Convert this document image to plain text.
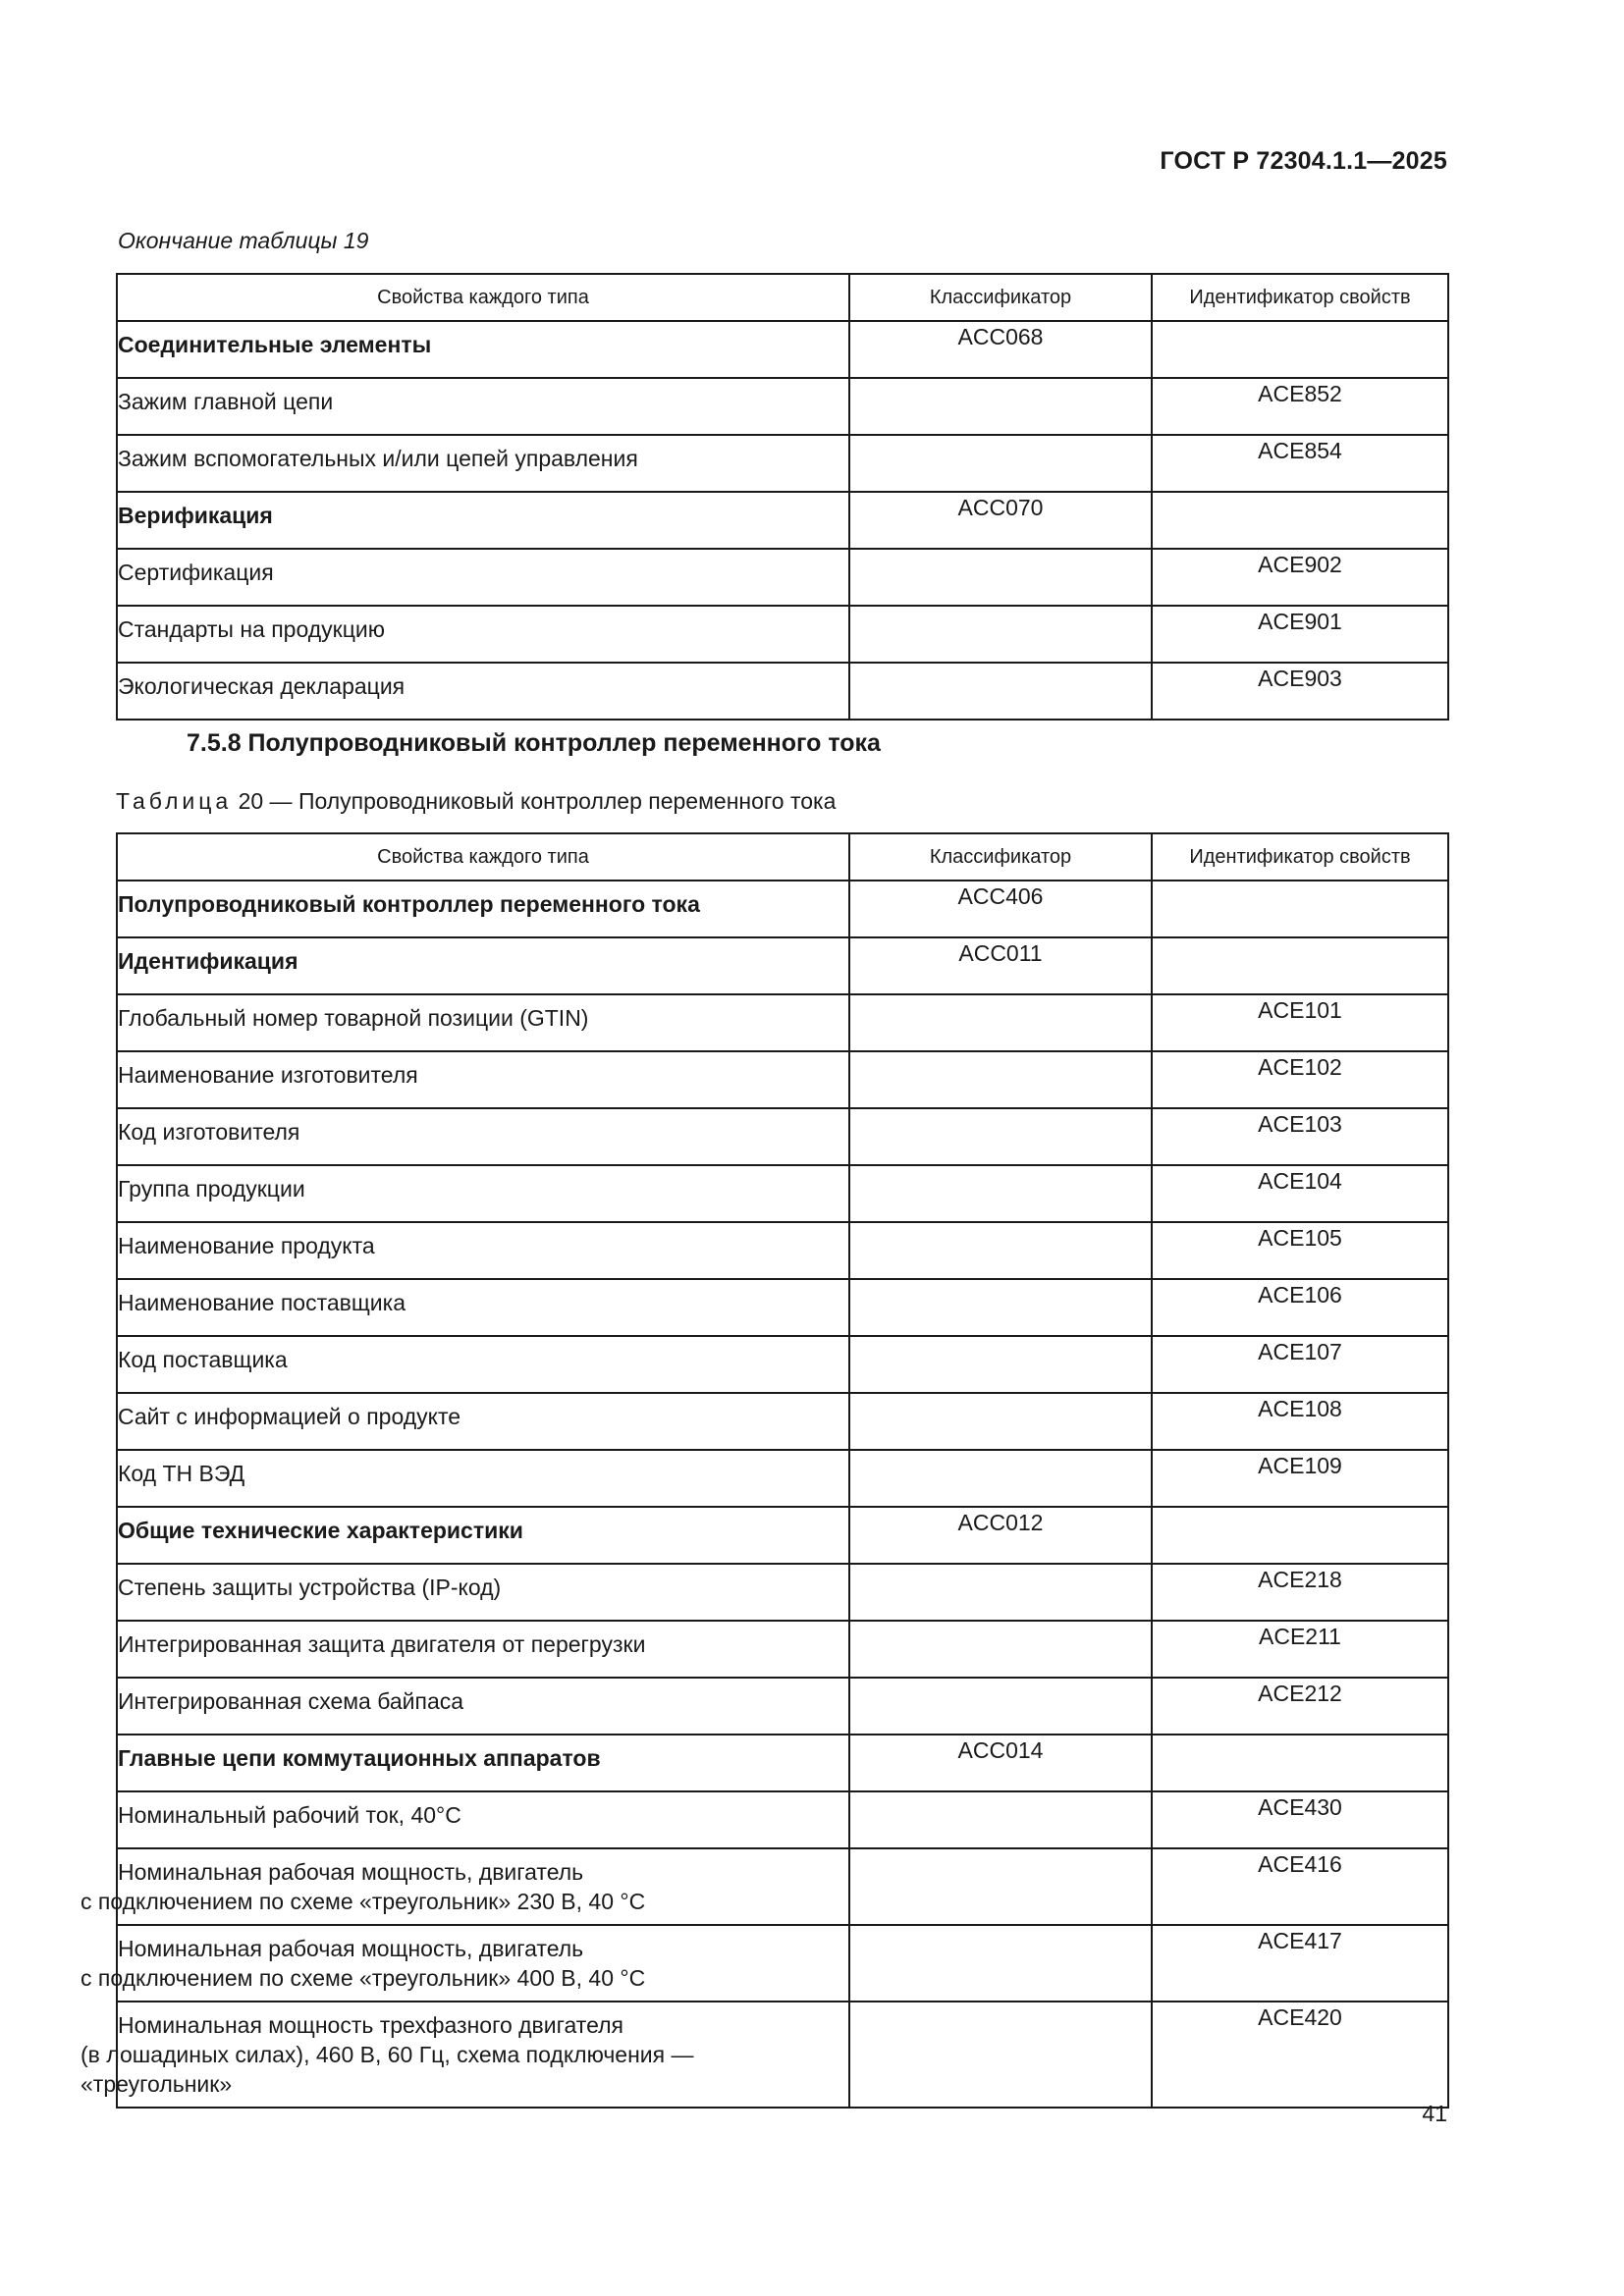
ГОСТ Р 72304.1.1—2025
Окончание таблицы 19
Свойства каждого типа	Классификатор	Идентификатор свойств
Соединительные элементы	ACC068	
Зажим главной цепи		ACE852
Зажим вспомогательных и/или цепей управления		ACE854
Верификация	ACC070	
Сертификация		ACE902
Стандарты на продукцию		ACE901
Экологическая декларация		ACE903
7.5.8 Полупроводниковый контроллер переменного тока
Таблица 20 — Полупроводниковый контроллер переменного тока
Свойства каждого типа	Классификатор	Идентификатор свойств
Полупроводниковый контроллер переменного тока	ACC406	
Идентификация	ACC011	
Глобальный номер товарной позиции (GTIN)		ACE101
Наименование изготовителя		ACE102
Код изготовителя		ACE103
Группа продукции		ACE104
Наименование продукта		ACE105
Наименование поставщика		ACE106
Код поставщика		ACE107
Сайт с информацией о продукте		ACE108
Код ТН ВЭД		ACE109
Общие технические характеристики	ACC012	
Степень защиты устройства (IP-код)		ACE218
Интегрированная защита двигателя от перегрузки		ACE211
Интегрированная схема байпаса		ACE212
Главные цепи коммутационных аппаратов	ACC014	
Номинальный рабочий ток, 40°C		ACE430
Номинальная рабочая мощность, двигатель
с подключением по схеме «треугольник» 230 В, 40 °C		ACE416
Номинальная рабочая мощность, двигатель
с подключением по схеме «треугольник» 400 В, 40 °C		ACE417
Номинальная мощность трехфазного двигателя
(в лошадиных силах), 460 В, 60 Гц, схема подключения —
«треугольник»		ACE420
41
